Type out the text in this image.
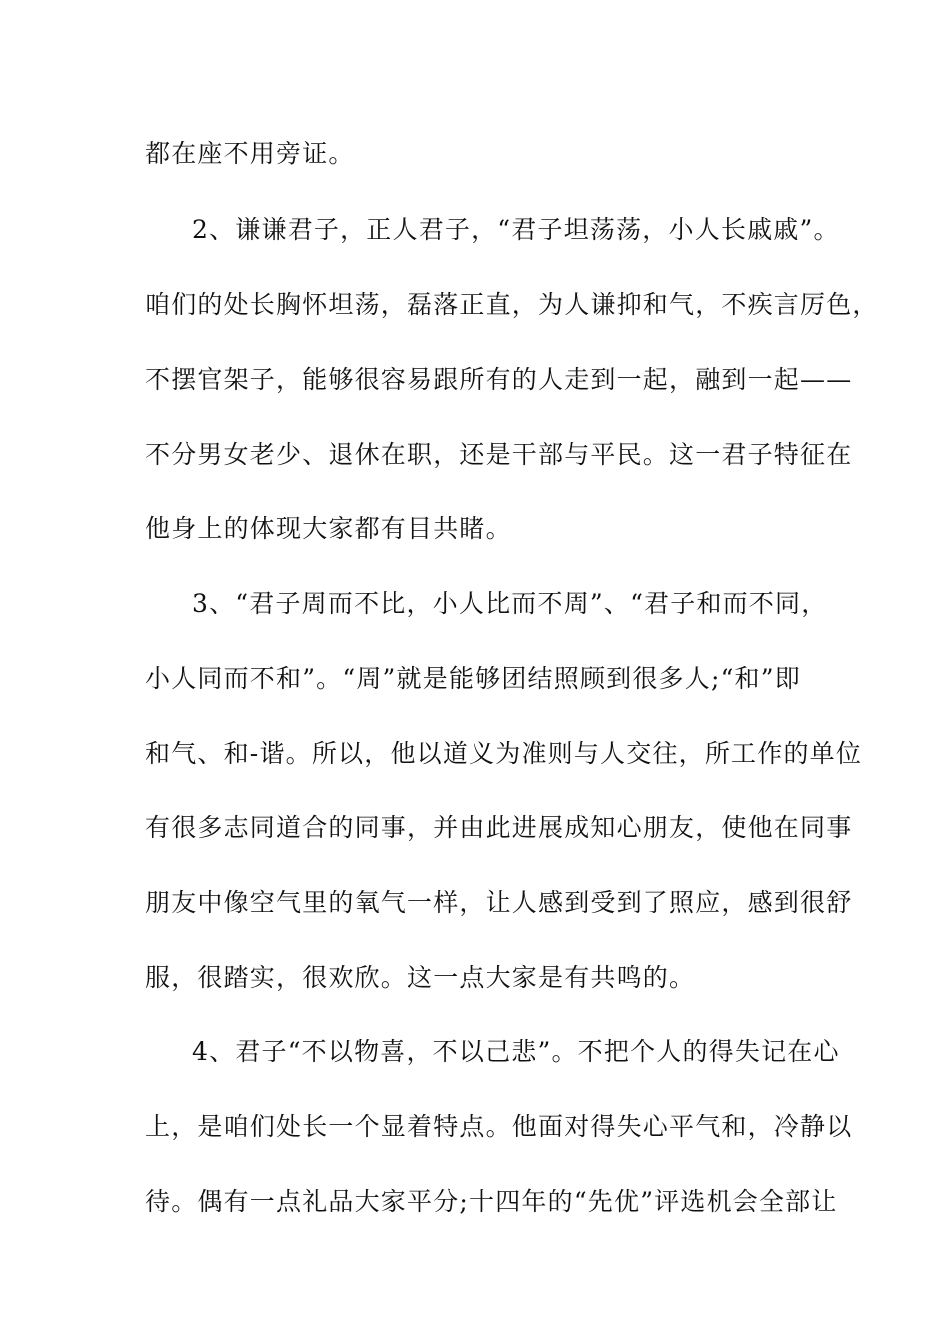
都在座不用旁证。
2、谦谦君子，正人君子，“君子坦荡荡，小人长戚戚”。
咱们的处长胸怀坦荡，磊落正直，为人谦抑和气，不疾言厉色，
不摆官架子，能够很容易跟所有的人走到一起，融到一起——
不分男女老少、退休在职，还是干部与平民。这一君子特征在
他身上的体现大家都有目共睹。
3、“君子周而不比，小人比而不周”、“君子和而不同，
小人同而不和”。“周”就是能够团结照顾到很多人;“和”即
和气、和-谐。所以，他以道义为准则与人交往，所工作的单位
有很多志同道合的同事，并由此进展成知心朋友，使他在同事
朋友中像空气里的氧气一样，让人感到受到了照应，感到很舒
服，很踏实，很欢欣。这一点大家是有共鸣的。
4、君子“不以物喜，不以己悲”。不把个人的得失记在心
上，是咱们处长一个显着特点。他面对得失心平气和，冷静以
待。偶有一点礼品大家平分;十四年的“先优”评选机会全部让
